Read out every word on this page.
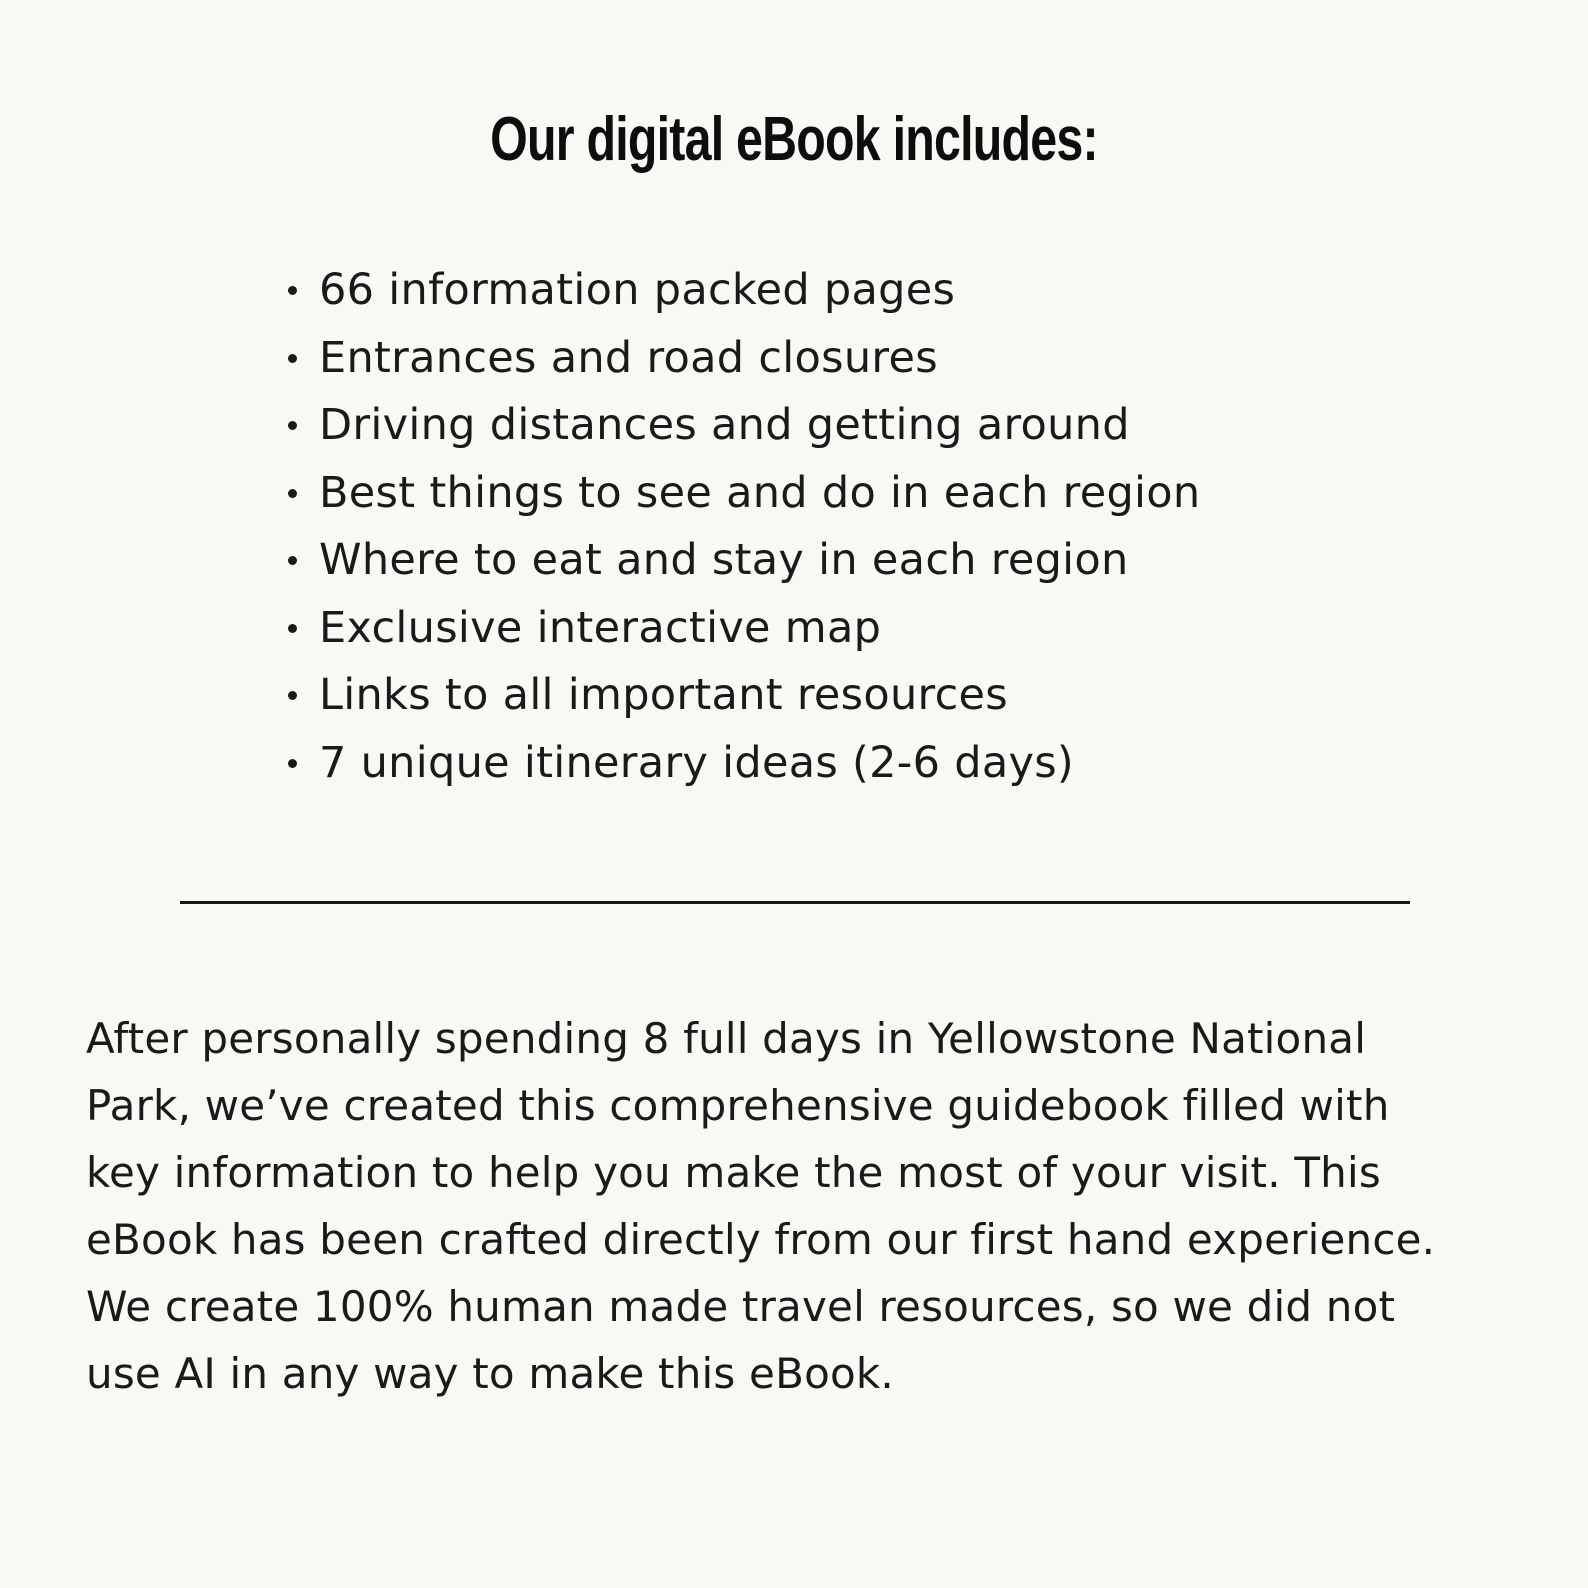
Our digital eBook includes:
66 information packed pages
Entrances and road closures
Driving distances and getting around
Best things to see and do in each region
Where to eat and stay in each region
Exclusive interactive map
Links to all important resources
7 unique itinerary ideas (2-6 days)

After personally spending 8 full days in Yellowstone National
Park, we’ve created this comprehensive guidebook filled with
key information to help you make the most of your visit. This
eBook has been crafted directly from our first hand experience.
We create 100% human made travel resources, so we did not
use AI in any way to make this eBook.
